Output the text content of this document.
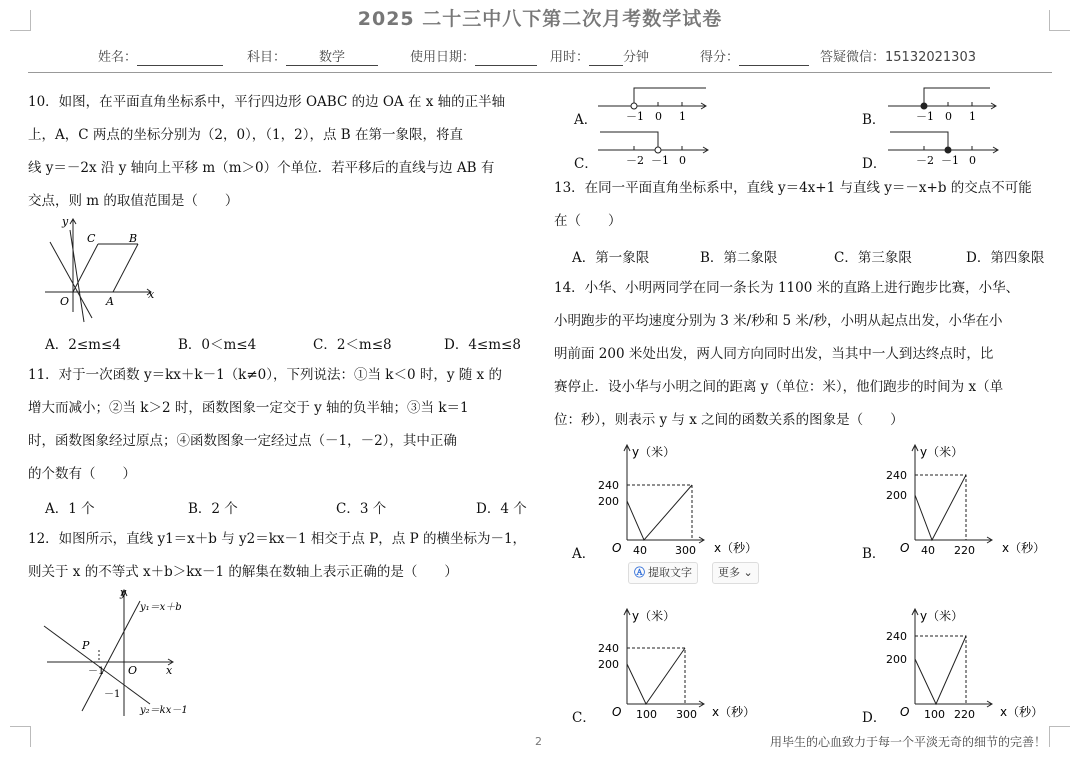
2025 二十三中八下第二次月考数学试卷
姓名：	科目：	数学	使用日期：	用时：	分钟	得分：	答疑微信：15132021303

10．如图，在平面直角坐标系中，平行四边形 OABC 的边 OA 在 x 轴的正半轴

上，A，C 两点的坐标分别为（2，0），（1，2），点 B 在第一象限，将直

线 y＝－2x 沿 y 轴向上平移 m（m＞0）个单位．若平移后的直线与边 AB 有

交点，则 m 的取值范围是（　　）

y
x
O	A
C	B
A．2≤m≤4	B．0＜m≤4	C．2＜m≤8	D．4≤m≤8

11．对于一次函数 y＝kx＋k－1（k≠0），下列说法：①当 k＜0 时，y 随 x 的

增大而减小；②当 k＞2 时，函数图象一定交于 y 轴的负半轴；③当 k＝1

时，函数图象经过原点；④函数图象一定经过点（－1，－2），其中正确

的个数有（　　）

A．1 个	B．2 个	C．3 个	D．4 个

12．如图所示，直线 y1＝x＋b 与 y2＝kx－1 相交于点 P，点 P 的横坐标为－1，

则关于 x 的不等式 x＋b＞kx－1 的解集在数轴上表示正确的是（　　）

y
x
O
P
－1
－1
y₁＝x＋b
y₂＝kx－1
A．	－1 0 1	B．	－1 0 1
C．	－2 －1 0	D．	－2 －1 0

13．在同一平面直角坐标系中，直线 y＝4x+1 与直线 y＝－x+b 的交点不可能

在（　　）

A．第一象限	B．第二象限	C．第三象限	D．第四象限

14．小华、小明两同学在同一条长为 1100 米的直路上进行跑步比赛，小华、

小明跑步的平均速度分别为 3 米/秒和 5 米/秒，小明从起点出发，小华在小

明前面 200 米处出发，两人同方向同时出发，当其中一人到达终点时，比

赛停止．设小华与小明之间的距离 y（单位：米），他们跑步的时间为 x（单

位：秒），则表示 y 与 x 之间的函数关系的图象是（　　）

A．
y（米）
x（秒）
O
240
200
40	300	B．
y（米）
x（秒）
O
240
200
40 220
Ⓐ 提取文字	更多 ⌄
C．
y（米）
x（秒）
O
240
200
100 300	D．
y（米）
x（秒）
O
240
200
100 220
2	用毕生的心血致力于每一个平淡无奇的细节的完善！
